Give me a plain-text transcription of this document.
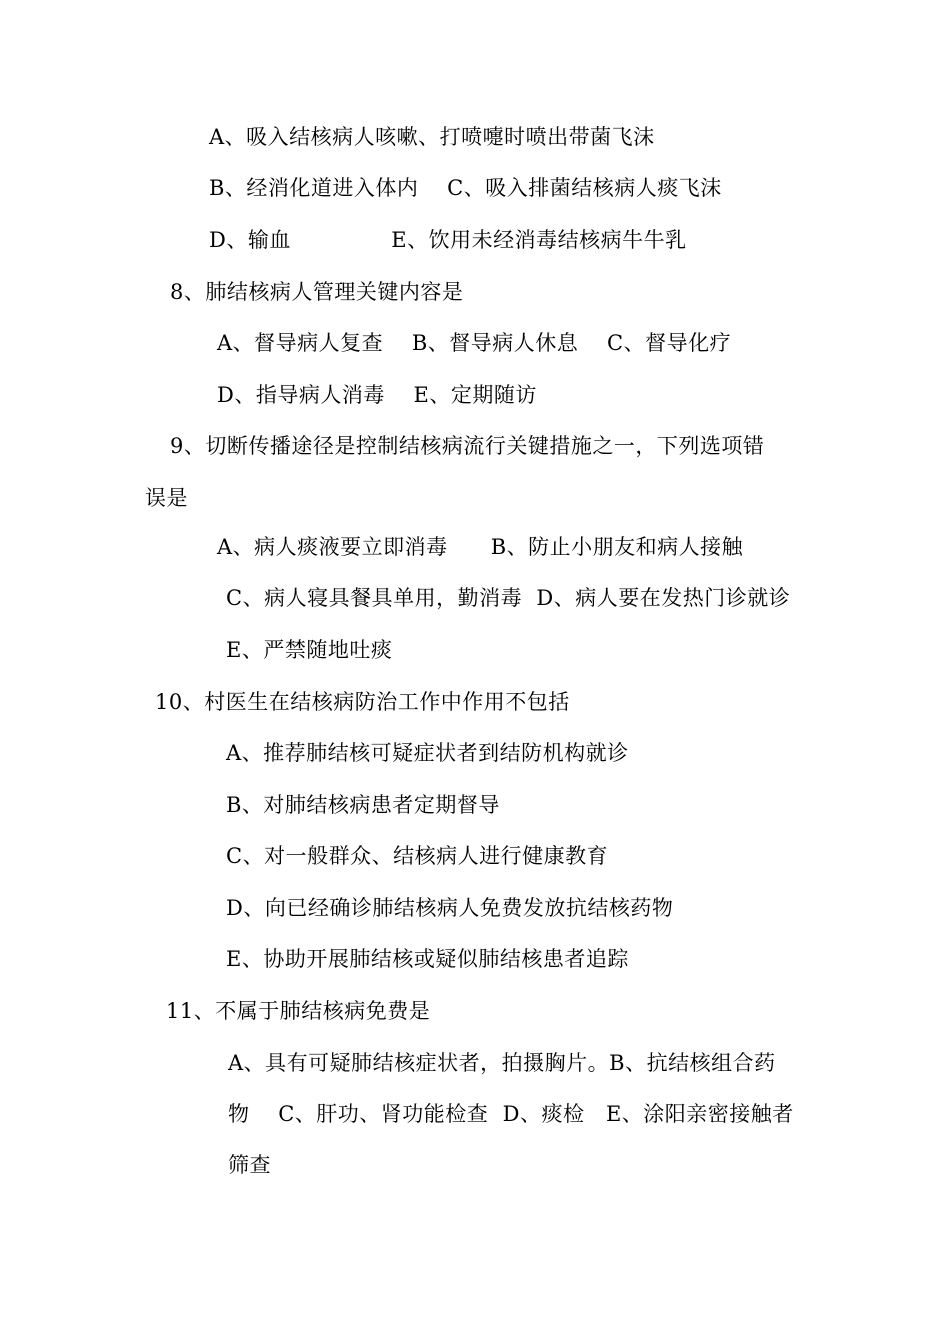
A、吸入结核病人咳嗽、打喷嚏时喷出带菌飞沫
B、经消化道进入体内    C、吸入排菌结核病人痰飞沫
D、输血              E、饮用未经消毒结核病牛牛乳
8、肺结核病人管理关键内容是
A、督导病人复查    B、督导病人休息    C、督导化疗
D、指导病人消毒    E、定期随访
9、切断传播途径是控制结核病流行关键措施之一，下列选项错
误是
A、病人痰液要立即消毒      B、防止小朋友和病人接触
C、病人寝具餐具单用，勤消毒  D、病人要在发热门诊就诊
E、严禁随地吐痰
10、村医生在结核病防治工作中作用不包括
A、推荐肺结核可疑症状者到结防机构就诊
B、对肺结核病患者定期督导
C、对一般群众、结核病人进行健康教育
D、向已经确诊肺结核病人免费发放抗结核药物
E、协助开展肺结核或疑似肺结核患者追踪
11、不属于肺结核病免费是
A、具有可疑肺结核症状者，拍摄胸片。B、抗结核组合药
物    C、肝功、肾功能检查  D、痰检   E、涂阳亲密接触者
筛查
